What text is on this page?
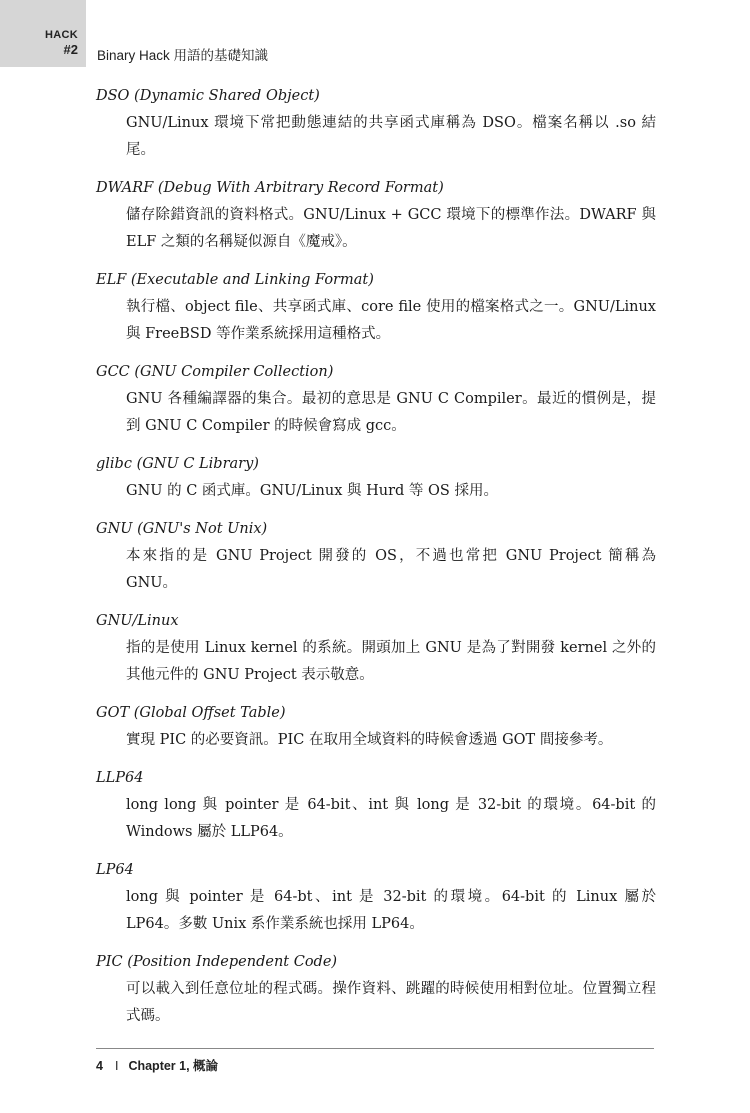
HACK
#2 Binary Hack 用語的基礎知識
DSO (Dynamic Shared Object)

GNU/Linux 環境下常把動態連結的共享函式庫稱為 DSO。檔案名稱以 .so 結尾。

DWARF (Debug With Arbitrary Record Format)

儲存除錯資訊的資料格式。GNU/Linux + GCC 環境下的標準作法。DWARF 與 ELF 之類的名稱疑似源自《魔戒》。

ELF (Executable and Linking Format)

執行檔、object file、共享函式庫、core file 使用的檔案格式之一。GNU/Linux 與 FreeBSD 等作業系統採用這種格式。

GCC (GNU Compiler Collection)

GNU 各種編譯器的集合。最初的意思是 GNU C Compiler。最近的慣例是，提到 GNU C Compiler 的時候會寫成 gcc。

glibc (GNU C Library)

GNU 的 C 函式庫。GNU/Linux 與 Hurd 等 OS 採用。

GNU (GNU's Not Unix)

本來指的是 GNU Project 開發的 OS，不過也常把 GNU Project 簡稱為 GNU。

GNU/Linux

指的是使用 Linux kernel 的系統。開頭加上 GNU 是為了對開發 kernel 之外的其他元件的 GNU Project 表示敬意。

GOT (Global Offset Table)

實現 PIC 的必要資訊。PIC 在取用全域資料的時候會透過 GOT 間接參考。

LLP64

long long 與 pointer 是 64-bit、int 與 long 是 32-bit 的環境。64-bit 的 Windows 屬於 LLP64。

LP64

long 與 pointer 是 64-bt、int 是 32-bit 的環境。64-bit 的 Linux 屬於 LP64。多數 Unix 系作業系統也採用 LP64。

PIC (Position Independent Code)

可以載入到任意位址的程式碼。操作資料、跳躍的時候使用相對位址。位置獨立程式碼。

4 I Chapter 1, 概論
